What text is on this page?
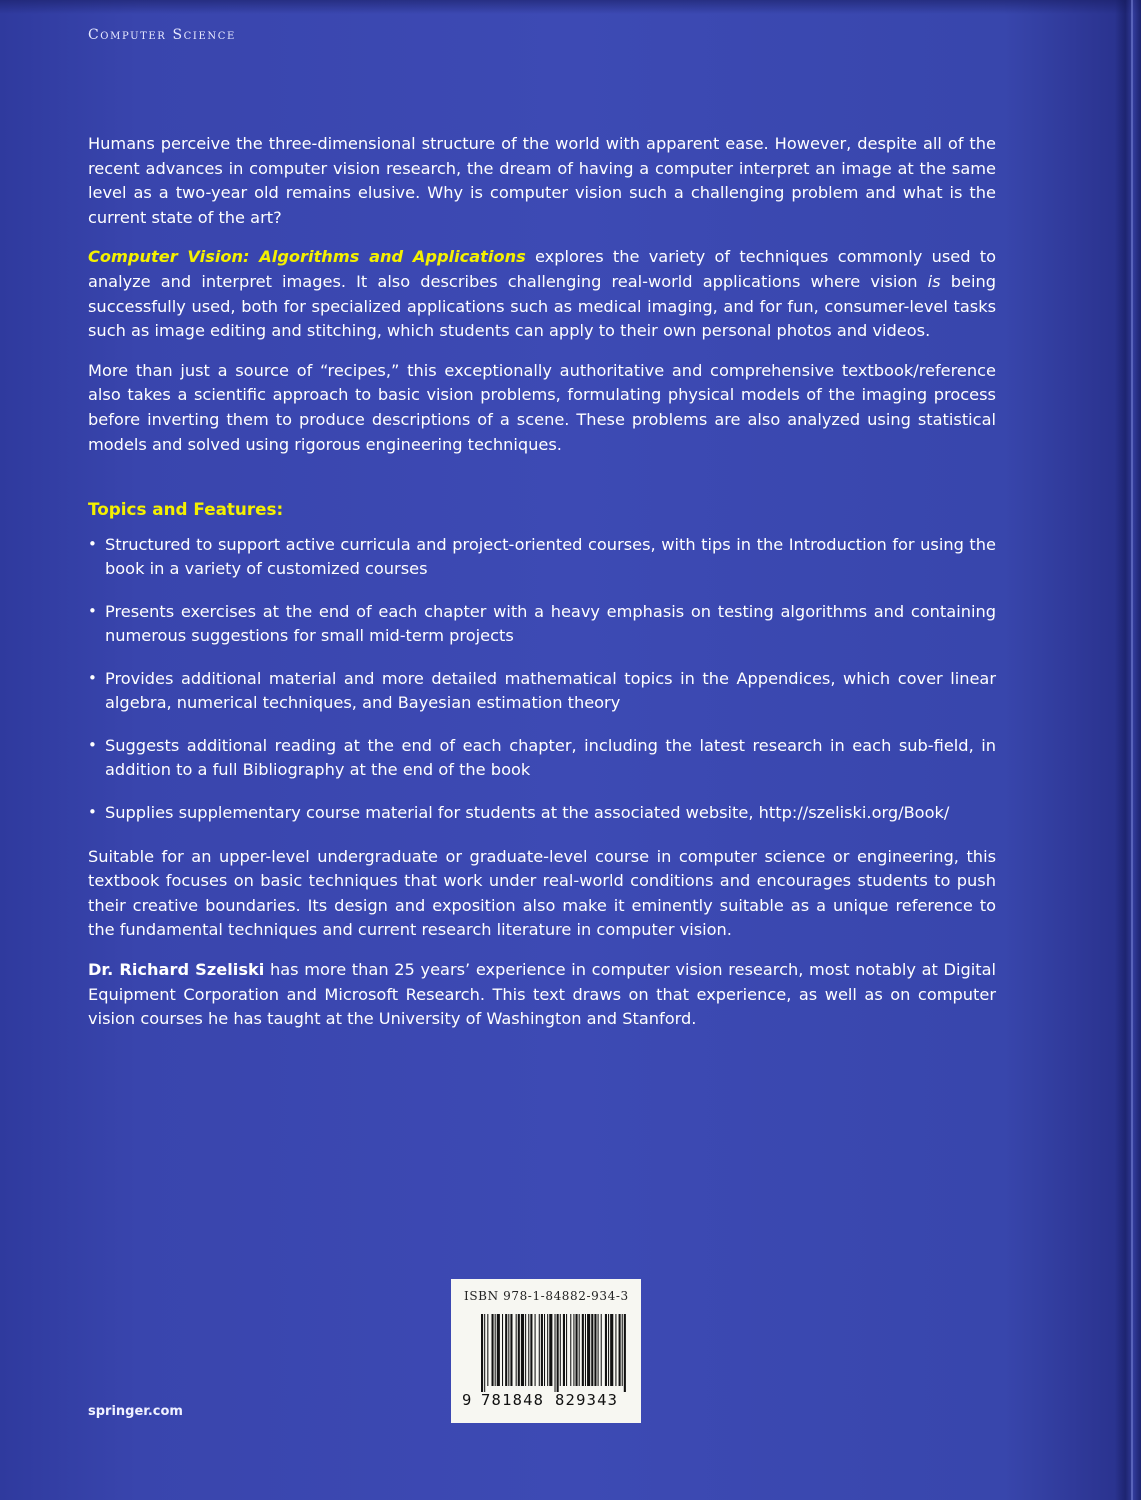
Computer Science

Humans perceive the three-dimensional structure of the world with apparent ease. However, despite all of the recent advances in computer vision research, the dream of having a computer interpret an image at the same level as a two-year old remains elusive. Why is computer vision such a challenging problem and what is the current state of the art?

Computer Vision: Algorithms and Applications explores the variety of techniques commonly used to analyze and interpret images. It also describes challenging real-world applications where vision is being successfully used, both for specialized applications such as medical imaging, and for fun, consumer-level tasks such as image editing and stitching, which students can apply to their own personal photos and videos.

More than just a source of “recipes,” this exceptionally authoritative and comprehensive textbook/reference also takes a scientific approach to basic vision problems, formulating physical models of the imaging process before inverting them to produce descriptions of a scene. These problems are also analyzed using statistical models and solved using rigorous engineering techniques.

Topics and Features:
• Structured to support active curricula and project-oriented courses, with tips in the Introduction for using the book in a variety of customized courses
• Presents exercises at the end of each chapter with a heavy emphasis on testing algorithms and containing numerous suggestions for small mid-term projects
• Provides additional material and more detailed mathematical topics in the Appendices, which cover linear algebra, numerical techniques, and Bayesian estimation theory
• Suggests additional reading at the end of each chapter, including the latest research in each sub-field, in addition to a full Bibliography at the end of the book
• Supplies supplementary course material for students at the associated website, http://szeliski.org/Book/

Suitable for an upper-level undergraduate or graduate-level course in computer science or engineering, this textbook focuses on basic techniques that work under real-world conditions and encourages students to push their creative boundaries. Its design and exposition also make it eminently suitable as a unique reference to the fundamental techniques and current research literature in computer vision.

Dr. Richard Szeliski has more than 25 years’ experience in computer vision research, most notably at Digital Equipment Corporation and Microsoft Research. This text draws on that experience, as well as on computer vision courses he has taught at the University of Washington and Stanford.

ISBN 978-1-84882-934-3
9 781848 829343
springer.com
